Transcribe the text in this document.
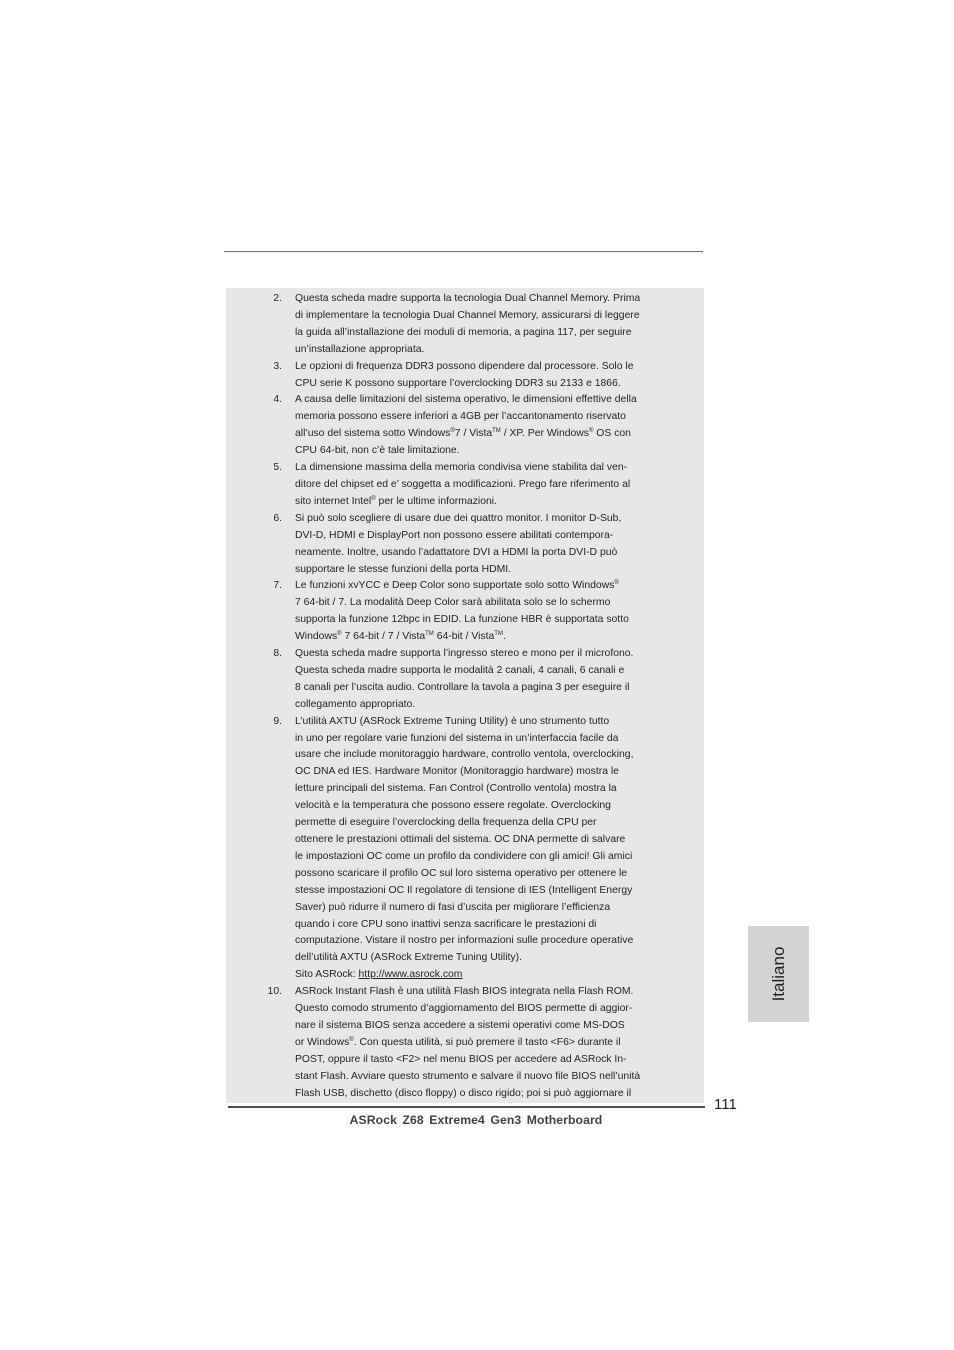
2. Questa scheda madre supporta la tecnologia Dual Channel Memory. Prima
di implementare la tecnologia Dual Channel Memory, assicurarsi di leggere
la guida all’installazione dei moduli di memoria, a pagina 117, per seguire
un’installazione appropriata.
3. Le opzioni di frequenza DDR3 possono dipendere dal processore. Solo le
CPU serie K possono supportare l’overclocking DDR3 su 2133 e 1866.
4. A causa delle limitazioni del sistema operativo, le dimensioni effettive della
memoria possono essere inferiori a 4GB per l’accantonamento riservato
all’uso del sistema sotto Windows®7 / Vista™ / XP. Per Windows® OS con
CPU 64-bit, non c’è tale limitazione.
5. La dimensione massima della memoria condivisa viene stabilita dal ven-
ditore del chipset ed e’ soggetta a modificazioni. Prego fare riferimento al
sito internet Intel® per le ultime informazioni.
6. Si può solo scegliere di usare due dei quattro monitor. I monitor D-Sub,
DVI-D, HDMI e DisplayPort non possono essere abilitati contempora-
neamente. Inoltre, usando l’adattatore DVI a HDMI la porta DVI-D può
supportare le stesse funzioni della porta HDMI.
7. Le funzioni xvYCC e Deep Color sono supportate solo sotto Windows®
7 64-bit / 7. La modalità Deep Color sarà abilitata solo se lo schermo
supporta la funzione 12bpc in EDID. La funzione HBR è supportata sotto
Windows® 7 64-bit / 7 / Vista™ 64-bit / Vista™.
8. Questa scheda madre supporta l’ingresso stereo e mono per il microfono.
Questa scheda madre supporta le modalità 2 canali, 4 canali, 6 canali e
8 canali per l’uscita audio. Controllare la tavola a pagina 3 per eseguire il
collegamento appropriato.
9. L’utilità AXTU (ASRock Extreme Tuning Utility) è uno strumento tutto
in uno per regolare varie funzioni del sistema in un’interfaccia facile da
usare che include monitoraggio hardware, controllo ventola, overclocking,
OC DNA ed IES. Hardware Monitor (Monitoraggio hardware) mostra le
letture principali del sistema. Fan Control (Controllo ventola) mostra la
velocità e la temperatura che possono essere regolate. Overclocking
permette di eseguire l’overclocking della frequenza della CPU per
ottenere le prestazioni ottimali del sistema. OC DNA permette di salvare
le impostazioni OC come un profilo da condividere con gli amici! Gli amici
possono scaricare il profilo OC sul loro sistema operativo per ottenere le
stesse impostazioni OC Il regolatore di tensione di IES (Intelligent Energy
Saver) può ridurre il numero di fasi d’uscita per migliorare l’efficienza
quando i core CPU sono inattivi senza sacrificare le prestazioni di
computazione. Vistare il nostro per informazioni sulle procedure operative
dell’utilità AXTU (ASRock Extreme Tuning Utility).
Sito ASRock: http://www.asrock.com
10. ASRock Instant Flash è una utilità Flash BIOS integrata nella Flash ROM.
Questo comodo strumento d’aggiornamento del BIOS permette di aggior-
nare il sistema BIOS senza accedere a sistemi operativi come MS-DOS
or Windows®. Con questa utilità, si può premere il tasto <F6> durante il
POST, oppure il tasto <F2> nel menu BIOS per accedere ad ASRock In-
stant Flash. Avviare questo strumento e salvare il nuovo file BIOS nell’unità
Flash USB, dischetto (disco floppy) o disco rigido; poi si può aggiornare il
111
ASRock Z68 Extreme4 Gen3 Motherboard
Italiano
